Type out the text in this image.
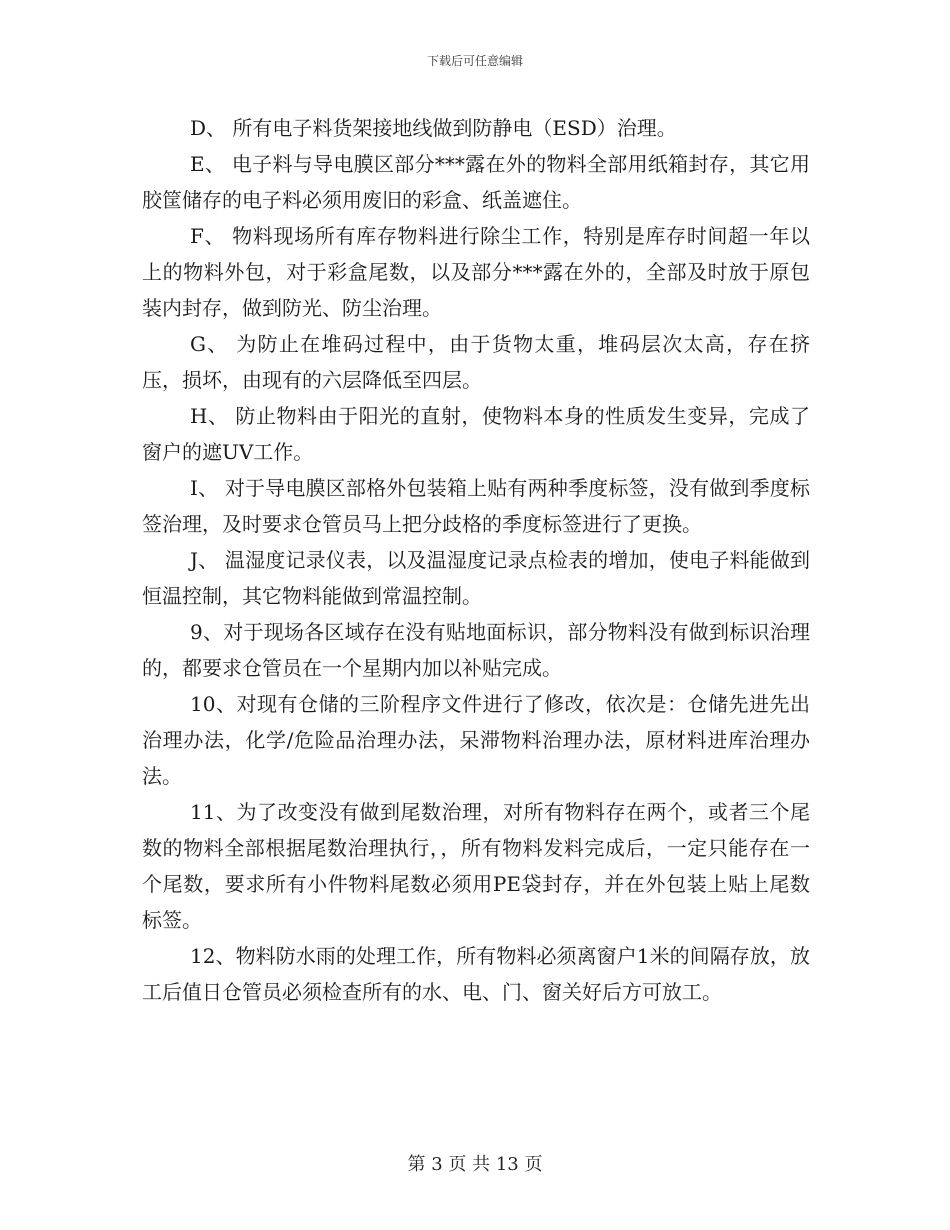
下载后可任意编辑

D、 所有电子料货架接地线做到防静电（ESD）治理。

E、 电子料与导电膜区部分***露在外的物料全部用纸箱封存，其它用胶筐储存的电子料必须用废旧的彩盒、纸盖遮住。

F、 物料现场所有库存物料进行除尘工作，特别是库存时间超一年以上的物料外包，对于彩盒尾数，以及部分***露在外的，全部及时放于原包装内封存，做到防光、防尘治理。

G、 为防止在堆码过程中，由于货物太重，堆码层次太高，存在挤压，损坏，由现有的六层降低至四层。

H、 防止物料由于阳光的直射，使物料本身的性质发生变异，完成了窗户的遮UV工作。

I、 对于导电膜区部格外包装箱上贴有两种季度标签，没有做到季度标签治理，及时要求仓管员马上把分歧格的季度标签进行了更换。

J、 温湿度记录仪表，以及温湿度记录点检表的增加，使电子料能做到恒温控制，其它物料能做到常温控制。

9、对于现场各区域存在没有贴地面标识，部分物料没有做到标识治理的，都要求仓管员在一个星期内加以补贴完成。

10、对现有仓储的三阶程序文件进行了修改，依次是：仓储先进先出治理办法，化学/危险品治理办法，呆滞物料治理办法，原材料进库治理办法。

11、为了改变没有做到尾数治理，对所有物料存在两个，或者三个尾数的物料全部根据尾数治理执行，，所有物料发料完成后，一定只能存在一个尾数，要求所有小件物料尾数必须用PE袋封存，并在外包装上贴上尾数标签。

12、物料防水雨的处理工作，所有物料必须离窗户1米的间隔存放，放工后值日仓管员必须检查所有的水、电、门、窗关好后方可放工。

第 3 页 共 13 页
